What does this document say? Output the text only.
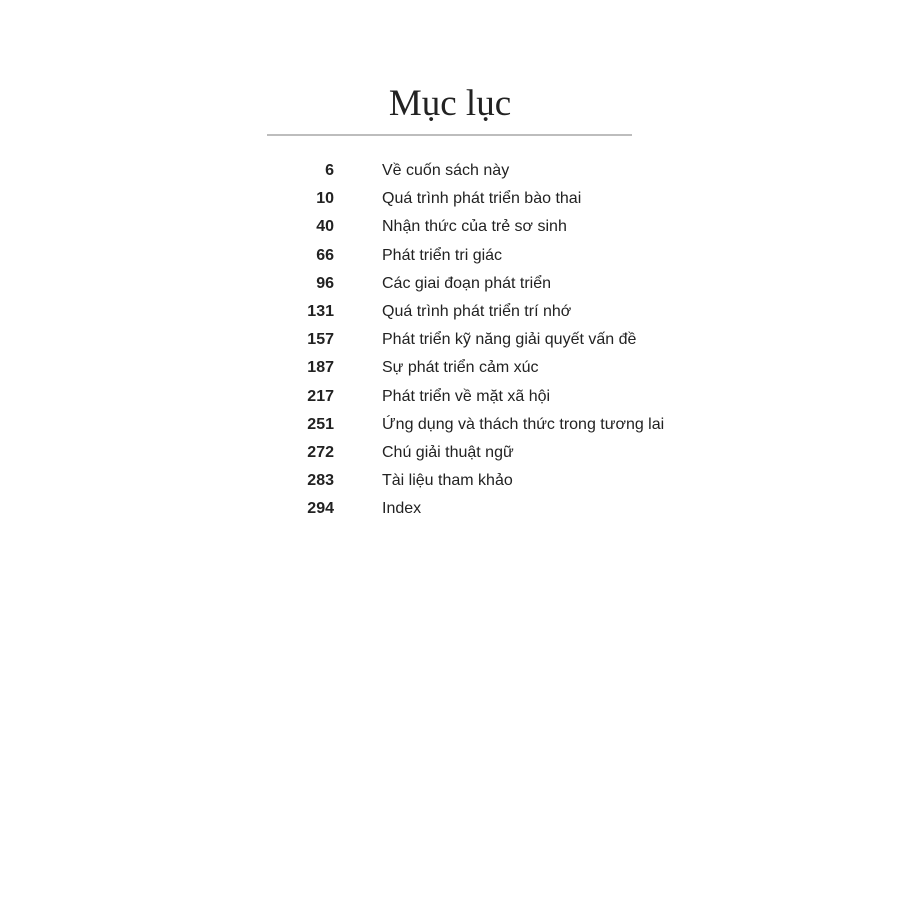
Mục lục
6	Về cuốn sách này
10	Quá trình phát triển bào thai
40	Nhận thức của trẻ sơ sinh
66	Phát triển tri giác
96	Các giai đoạn phát triển
131	Quá trình phát triển trí nhớ
157	Phát triển kỹ năng giải quyết vấn đề
187	Sự phát triển cảm xúc
217	Phát triển về mặt xã hội
251	Ứng dụng và thách thức trong tương lai
272	Chú giải thuật ngữ
283	Tài liệu tham khảo
294	Index
